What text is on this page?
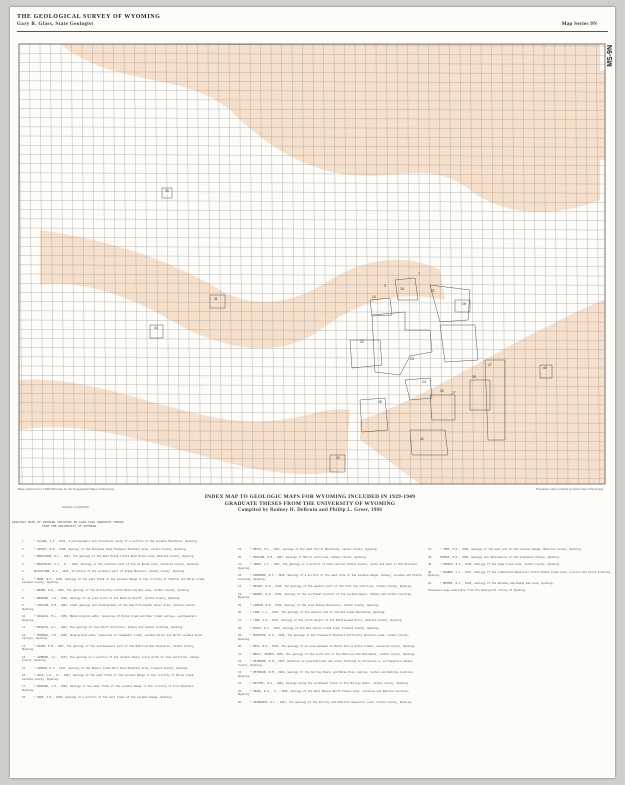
THE GEOLOGICAL SURVEY OF WYOMING
Gary B. Glass, State Geologist	Map Series 9N
MS-9N
3
7
10
15
18	21
22
23
24
25
26
27
30
31
33
35
37
39
40
42
Base plotted from 1:500,000 base by the Topographic Maps of Wyoming	Prepared under contract by University of Wyoming
SCALE 1:1,000,000
INDEX MAP TO GEOLOGIC MAPS FOR WYOMING INCLUDED IN 1929-1949
GRADUATE THESES FROM THE UNIVERSITY OF WYOMING
Compiled by Rodney H. DeBruin and Phillip L. Greer, 1986
GEOLOGIC MAPS OF WYOMING INCLUDED IN 1929-1949 GRADUATE THESES
FROM THE UNIVERSITY OF WYOMING
1.	* ALLARD, J.F., 1943, A petrographic and structural study of a portion of the Laramie Mountains, Wyoming.
2.	* ASHLEY, R.R., 1948, Geology of the Paradise Peak-Thompson Mountain area, Carbon County, Wyoming.
3.	* BERGSTROM, R.L., 1941, The geology of the West Plank-Little Bear River area, Natrona County, Wyoming.
4.	* BERTHOLDT, A.J., Jr., 1944, Geology of the southern part of the La Bonte area, Converse County, Wyoming.
5.	BLACKSTONE, D.L., 1934, Structure of the southern part of Sheep Mountain, Albany County, Wyoming.
6.	* BOND, W.P., 1936, Geology of the east flank of the Laramie Range in the vicinity of Federal and Horse Creek, Laramie County, Wyoming.
7.	* BROWN, R.W., 1949, The geology of the Difficulty-Little Medicine Bow area, Carbon County, Wyoming.
8.	* BRUNING, J.R., 1936, Geology of an area north of the Rawlins Uplift, Carbon County, Wyoming.
9.	* CARLSON, R.M., 1949, Areal geology and stratigraphy of the Red Fork-Powder River area, Johnson County, Wyoming.
10.	* DOUGLAS, M.L., 1939, Metallurgical water resources of Horse Creek and Bear Creek valleys, southeastern Wyoming.
11.	* DOUGLAS, W.L., 1941, The geology of Cone Bluff anticline, Albany and Carbon Counties, Wyoming.
12.	* EDWARDS, J.M., 1939, Underground water resources of Chugwater Creek, Laramie River and North Laramie River valleys, Wyoming.
13.	* FROOM, E.M., 1937, The geology of the southwestern part of the Medicine Bow Mountains, Carbon County, Wyoming.
14.	* GIBBONS, J.L., 1933, The geology of a portion of the Laramie Basin lying north of Como anticline, Albany County, Wyoming.
15.	* GIBSON, H.L., 1947, Geology of the Beaver Creek-Horn Shoe Mountain area, Fremont County, Wyoming.
16.	* GOLD, L.D., Jr., 1947, Geology of the east flank of the Laramie Range in the vicinity of Horse Creek, Laramie County, Wyoming.
17.	* HARDING, C.H., 1949, Geology of the east flank of the Laramie Range in the vicinity of Iron Mountain, Wyoming.
18.	* HARE, J.H., 1949, Geology of a portion of the east flank of the Laramie Range, Wyoming.
19.	* HECHT, H.L., 1941, Geology of the east Ferris Mountains, Carbon County, Wyoming.
20.	* HOUSTON, R.M., 1947, Geology of Hutill anticline, Albany County, Wyoming.
21.	* JENKS, A.T., 1937, The geology of a portion of east-central Carbon County, south and west of Elk Mountain, Wyoming.
22.	* KIRKWOOD, R.T., 1936, Geology of a portion of the east side of the Laramie Range, Albany, Laramie and Platte Counties, Wyoming.
23.	* KNIGHT, W.H., 1944, The geology of the western part of the Flat Top anticline, Carbon County, Wyoming.
24.	* KORNEY, R.M., 1936, Geology of the northeast portion of the Laramie Basin, Albany and Carbon Counties, Wyoming.
25.	* LARSON, R.D., 1949, Geology of the area Pennie Mountains, Carbon County, Wyoming.
26.	* LINK, L.L., 1934, The geology of the western end of the Red Creek Mountains, Wyoming.
27.	* LYNN, A.R., 1947, Geology of the north margin of the Rattlesnake Hills, Natrona County, Wyoming.
28.	* MCKAY, R.J., 1944, Geology of the Red Canyon Creek area, Fremont County, Wyoming.
29.	* MCMASTER, R.D., 1946, The geology of the Freezeout Mountain-Difficulty Mountain area, Carbon County, Wyoming.
30.	* MOSS, R.P., 1939, The geology of an area between La Bonte and La Prele Creeks, Converse County, Wyoming.
31.	* NEELY, JOSEPH, 1936, The geology of the north end of the Medicine Bow Mountains, Carbon County, Wyoming.
32.	* PETERSEN, R.W., 1947, Relation of gravitational and areal faulting to structure in northeastern Albany County, Wyoming.
33.	* PETERSON, H.M., 1941, Geology of the Shirley Basin and Bates Hole regions, Carbon and Natrona Counties, Wyoming.
34.	* RITCHEL, R.A., 1949, Geology along the southeast flank of the Shirley Basin, Carbon County, Wyoming.
35.	* SEARS, B.A., Jr., 1949, Geology of the West Beaver-North Fresno area, Converse and Natrona Counties, Wyoming.
36.	* SEVERANCE, R.L., 1941, The geology of the Shirley and Hamilton Reservoir area, Carbon County, Wyoming.
37.	* SIMS, F.D., 1940, Geology of the west end of the Laramie Range, Medicine County, Wyoming.
38.	THOMAS, H.D., 1936, Geology and deformation of the Greenwood Valley, Wyoming.
39.	* TRENCH, E.G., 1949, Geology of the Sage Creek area, Carbon County, Wyoming.
40.	* WAGNER, C.L., 1947, Geology of the Cumberland Reservoir-Little Muddy Creek area, Lincoln and Uinta Counties, Wyoming.
41.	* WEIMER, R.J., 1949, Geology of the Whiskey Gap-Muddy Gap area, Wyoming.
Thesesare maps available from the Geological Survey of Wyoming.
